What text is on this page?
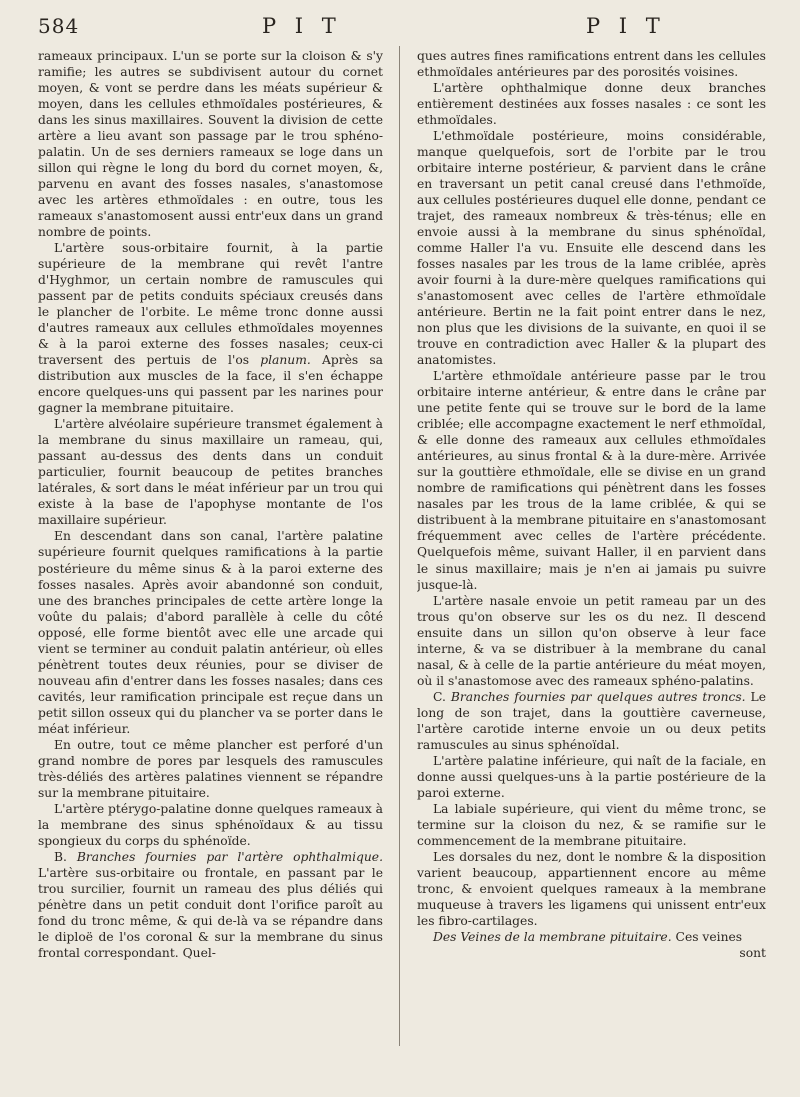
584	P I T	P I T

rameaux principaux. L'un se porte sur la cloison & s'y ramifie; les autres se subdivisent autour du cornet moyen, & vont se perdre dans les méats supérieur & moyen, dans les cellules ethmoïdales postérieures, & dans les sinus maxillaires. Souvent la division de cette artère a lieu avant son passage par le trou sphéno-palatin. Un de ses derniers rameaux se loge dans un sillon qui règne le long du bord du cornet moyen, &, parvenu en avant des fosses nasales, s'anastomose avec les artères ethmoïdales : en outre, tous les rameaux s'anastomosent aussi entr'eux dans un grand nombre de points.

L'artère sous-orbitaire fournit, à la partie supérieure de la membrane qui revêt l'antre d'Hyghmor, un certain nombre de ramuscules qui passent par de petits conduits spéciaux creusés dans le plancher de l'orbite. Le même tronc donne aussi d'autres rameaux aux cellules ethmoïdales moyennes & à la paroi externe des fosses nasales; ceux-ci traversent des pertuis de l'os planum. Après sa distribution aux muscles de la face, il s'en échappe encore quelques-uns qui passent par les narines pour gagner la membrane pituitaire.

L'artère alvéolaire supérieure transmet également à la membrane du sinus maxillaire un rameau, qui, passant au-dessus des dents dans un conduit particulier, fournit beaucoup de petites branches latérales, & sort dans le méat inférieur par un trou qui existe à la base de l'apophyse montante de l'os maxillaire supérieur.

En descendant dans son canal, l'artère palatine supérieure fournit quelques ramifications à la partie postérieure du même sinus & à la paroi externe des fosses nasales. Après avoir abandonné son conduit, une des branches principales de cette artère longe la voûte du palais; d'abord parallèle à celle du côté opposé, elle forme bientôt avec elle une arcade qui vient se terminer au conduit palatin antérieur, où elles pénètrent toutes deux réunies, pour se diviser de nouveau afin d'entrer dans les fosses nasales; dans ces cavités, leur ramification principale est reçue dans un petit sillon osseux qui du plancher va se porter dans le méat inférieur.

En outre, tout ce même plancher est perforé d'un grand nombre de pores par lesquels des ramuscules très-déliés des artères palatines viennent se répandre sur la membrane pituitaire.

L'artère ptérygo-palatine donne quelques rameaux à la membrane des sinus sphénoïdaux & au tissu spongieux du corps du sphénoïde.

B. Branches fournies par l'artère ophthalmique. L'artère sus-orbitaire ou frontale, en passant par le trou surcilier, fournit un rameau des plus déliés qui pénètre dans un petit conduit dont l'orifice paroît au fond du tronc même, & qui de-là va se répandre dans le diploë de l'os coronal & sur la membrane du sinus frontal correspondant. Quel-

ques autres fines ramifications entrent dans les cellules ethmoïdales antérieures par des porosités voisines.

L'artère ophthalmique donne deux branches entièrement destinées aux fosses nasales : ce sont les ethmoïdales.

L'ethmoïdale postérieure, moins considérable, manque quelquefois, sort de l'orbite par le trou orbitaire interne postérieur, & parvient dans le crâne en traversant un petit canal creusé dans l'ethmoïde, aux cellules postérieures duquel elle donne, pendant ce trajet, des rameaux nombreux & très-ténus; elle en envoie aussi à la membrane du sinus sphénoïdal, comme Haller l'a vu. Ensuite elle descend dans les fosses nasales par les trous de la lame criblée, après avoir fourni à la dure-mère quelques ramifications qui s'anastomosent avec celles de l'artère ethmoïdale antérieure. Bertin ne la fait point entrer dans le nez, non plus que les divisions de la suivante, en quoi il se trouve en contradiction avec Haller & la plupart des anatomistes.

L'artère ethmoïdale antérieure passe par le trou orbitaire interne antérieur, & entre dans le crâne par une petite fente qui se trouve sur le bord de la lame criblée; elle accompagne exactement le nerf ethmoïdal, & elle donne des rameaux aux cellules ethmoïdales antérieures, au sinus frontal & à la dure-mère. Arrivée sur la gouttière ethmoïdale, elle se divise en un grand nombre de ramifications qui pénètrent dans les fosses nasales par les trous de la lame criblée, & qui se distribuent à la membrane pituitaire en s'anastomosant fréquemment avec celles de l'artère précédente. Quelquefois même, suivant Haller, il en parvient dans le sinus maxillaire; mais je n'en ai jamais pu suivre jusque-là.

L'artère nasale envoie un petit rameau par un des trous qu'on observe sur les os du nez. Il descend ensuite dans un sillon qu'on observe à leur face interne, & va se distribuer à la membrane du canal nasal, & à celle de la partie antérieure du méat moyen, où il s'anastomose avec des rameaux sphéno-palatins.

C. Branches fournies par quelques autres troncs. Le long de son trajet, dans la gouttière caverneuse, l'artère carotide interne envoie un ou deux petits ramuscules au sinus sphénoïdal.

L'artère palatine inférieure, qui naît de la faciale, en donne aussi quelques-uns à la partie postérieure de la paroi externe.

La labiale supérieure, qui vient du même tronc, se termine sur la cloison du nez, & se ramifie sur le commencement de la membrane pituitaire.

Les dorsales du nez, dont le nombre & la disposition varient beaucoup, appartiennent encore au même tronc, & envoient quelques rameaux à la membrane muqueuse à travers les ligamens qui unissent entr'eux les fibro-cartilages.

Des Veines de la membrane pituitaire. Ces veines

sont
